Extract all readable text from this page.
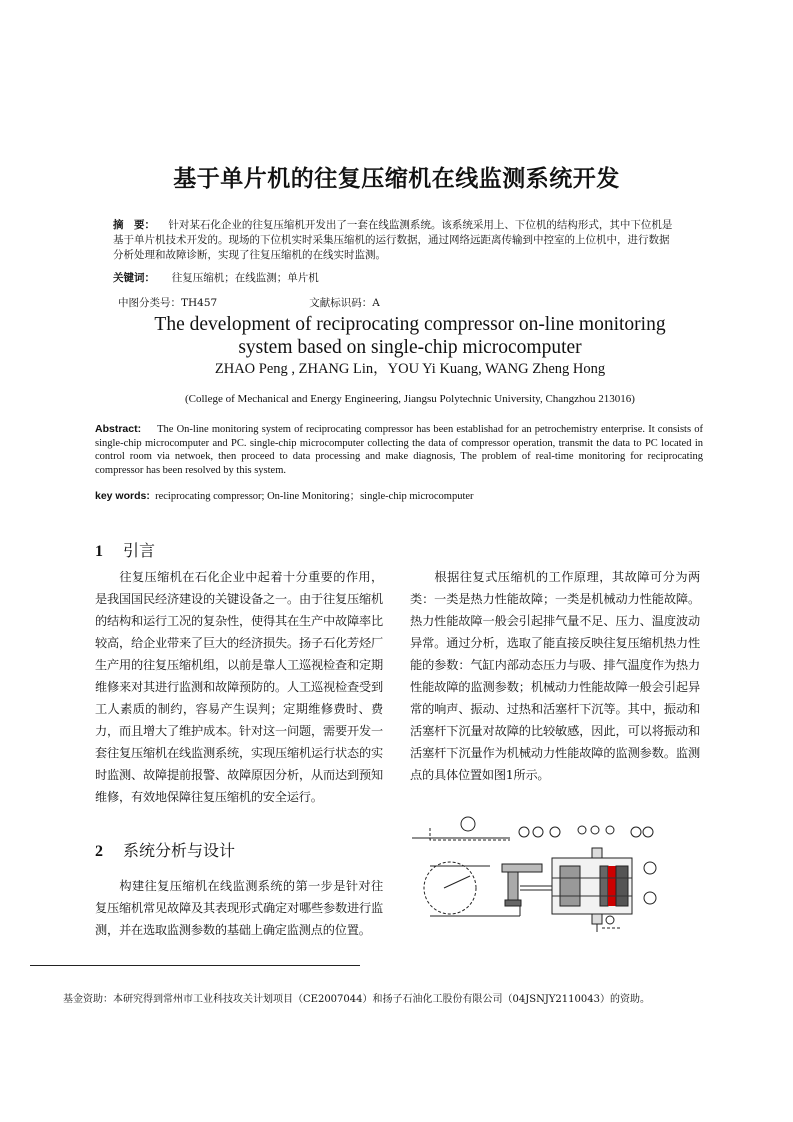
基于单片机的往复压缩机在线监测系统开发
摘　要： 针对某石化企业的往复压缩机开发出了一套在线监测系统。该系统采用上、下位机的结构形式，其中下位机是基于单片机技术开发的。现场的下位机实时采集压缩机的运行数据，通过网络远距离传输到中控室的上位机中，进行数据分析处理和故障诊断，实现了往复压缩机的在线实时监测。
关键词： 往复压缩机；在线监测；单片机
中图分类号：TH457	文献标识码：A
The development of reciprocating compressor on-line monitoring
system based on single-chip microcomputer
ZHAO Peng , ZHANG Lin，YOU Yi Kuang, WANG Zheng Hong
(College of Mechanical and Energy Engineering, Jiangsu Polytechnic University, Changzhou 213016)
Abstract: The On-line monitoring system of reciprocating compressor has been establishad for an petrochemistry enterprise. It consists of single-chip microcomputer and PC. single-chip microcomputer collecting the data of compressor operation, transmit the data to PC located in control room via netwoek, then proceed to data processing and make diagnosis, The problem of real-time monitoring for reciprocating compressor has been resolved by this system.
key words: reciprocating compressor; On-line Monitoring；single-chip microcomputer
1 引言

往复压缩机在石化企业中起着十分重要的作用，是我国国民经济建设的关键设备之一。由于往复压缩机的结构和运行工况的复杂性，使得其在生产中故障率比较高，给企业带来了巨大的经济损失。扬子石化芳烃厂生产用的往复压缩机组，以前是靠人工巡视检查和定期维修来对其进行监测和故障预防的。人工巡视检查受到工人素质的制约，容易产生误判；定期维修费时、费力，而且增大了维护成本。针对这一问题，需要开发一套往复压缩机在线监测系统，实现压缩机运行状态的实时监测、故障提前报警、故障原因分析，从而达到预知维修，有效地保障往复压缩机的安全运行。

2 系统分析与设计

构建往复压缩机在线监测系统的第一步是针对往复压缩机常见故障及其表现形式确定对哪些参数进行监测，并在选取监测参数的基础上确定监测点的位置。

根据往复式压缩机的工作原理，其故障可分为两类：一类是热力性能故障；一类是机械动力性能故障。热力性能故障一般会引起排气量不足、压力、温度波动异常。通过分析，选取了能直接反映往复压缩机热力性能的参数：气缸内部动态压力与吸、排气温度作为热力性能故障的监测参数；机械动力性能故障一般会引起异常的响声、振动、过热和活塞杆下沉等。其中，振动和活塞杆下沉量对故障的比较敏感，因此，可以将振动和活塞杆下沉量作为机械动力性能故障的监测参数。监测点的具体位置如图1所示。

基金资助：本研究得到常州市工业科技攻关计划项目（CE2007044）和扬子石油化工股份有限公司（04JSNJY2110043）的资助。
